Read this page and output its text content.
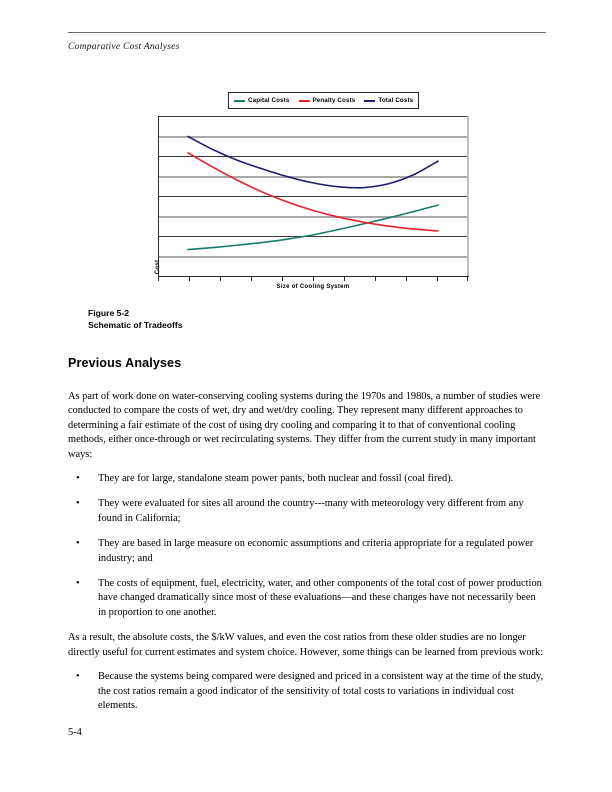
Comparative Cost Analyses
Capital Costs	Penalty Costs	Total Costs
Cost
Size of Cooling System
Figure 5-2
Schematic of Tradeoffs
Previous Analyses

As part of work done on water-conserving cooling systems during the 1970s and 1980s, a number of studies were conducted to compare the costs of wet, dry and wet/dry cooling. They represent many different approaches to determining a fair estimate of the cost of using dry cooling and comparing it to that of conventional cooling methods, either once-through or wet recirculating systems. They differ from the current study in many important ways:

• They are for large, standalone steam power pants, both nuclear and fossil (coal fired).
• They were evaluated for sites all around the country---many with meteorology very different from any found in California;
• They are based in large measure on economic assumptions and criteria appropriate for a regulated power industry; and
• The costs of equipment, fuel, electricity, water, and other components of the total cost of power production have changed dramatically since most of these evaluations—and these changes have not necessarily been in proportion to one another.

As a result, the absolute costs, the $/kW values, and even the cost ratios from these older studies are no longer directly useful for current estimates and system choice. However, some things can be learned from previous work:

• Because the systems being compared were designed and priced in a consistent way at the time of the study, the cost ratios remain a good indicator of the sensitivity of total costs to variations in individual cost elements.
5-4
